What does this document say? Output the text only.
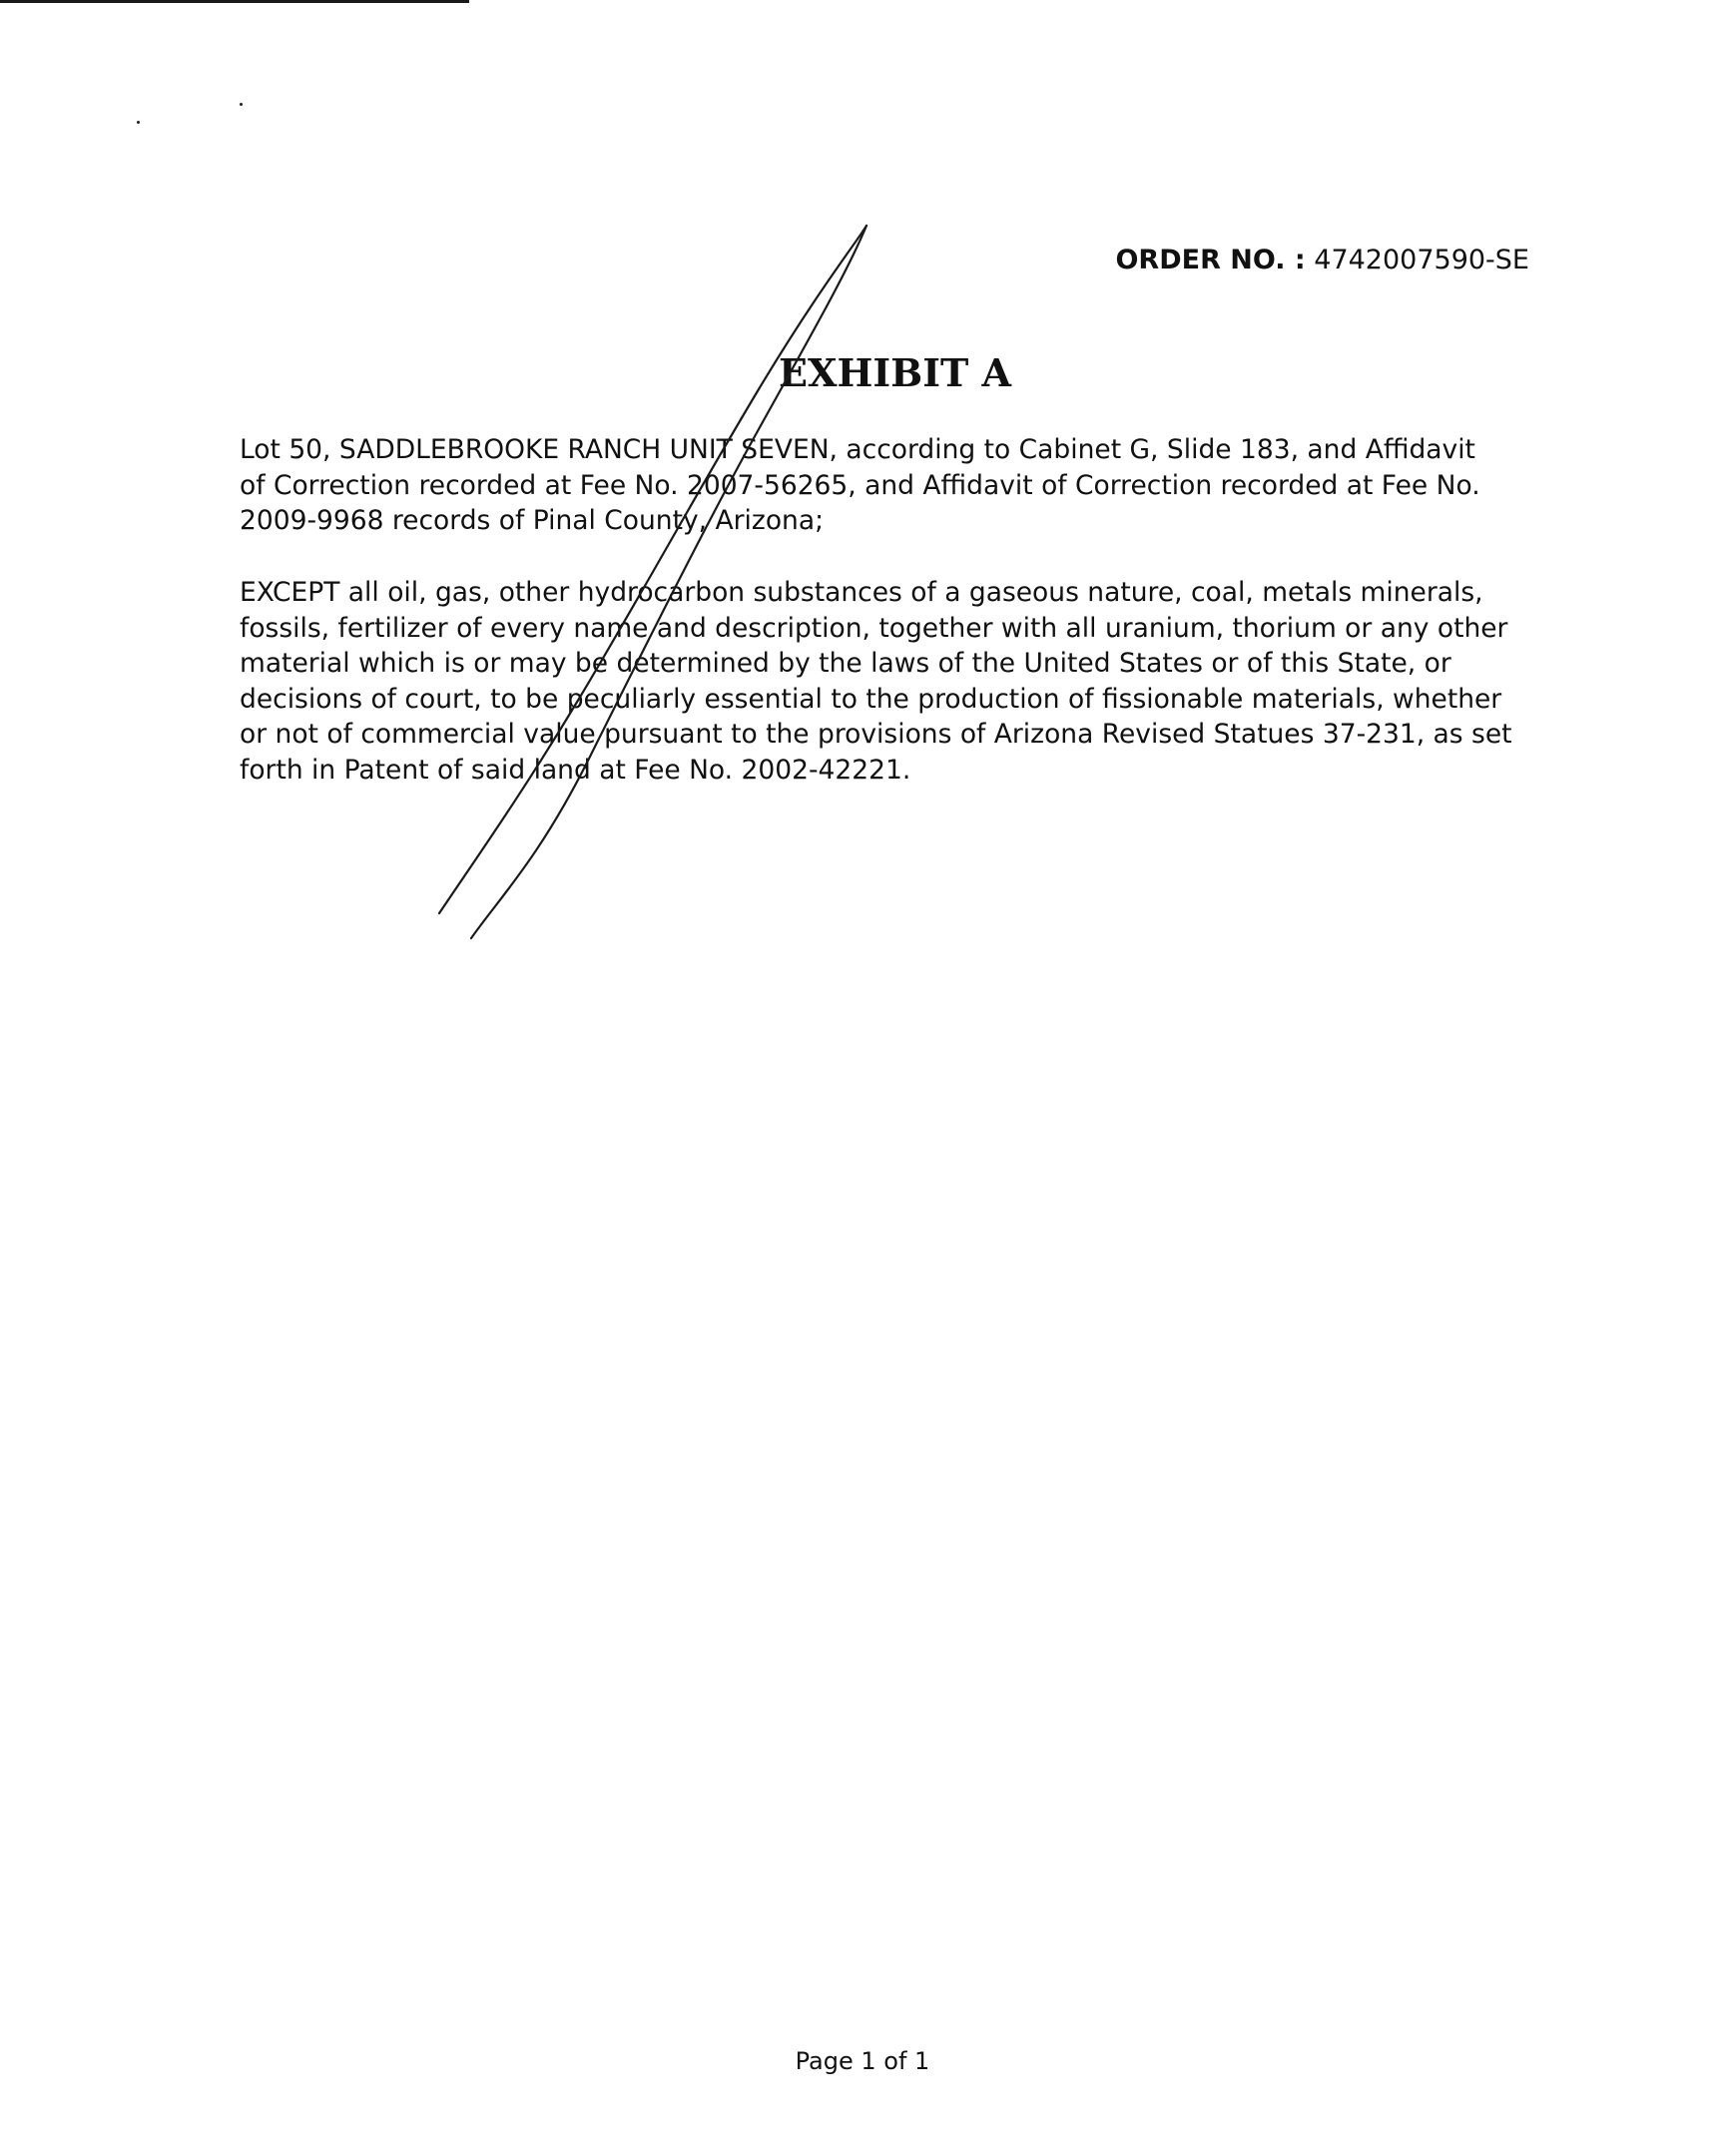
ORDER NO. : 4742007590-SE
EXHIBIT A
Lot 50, SADDLEBROOKE RANCH UNIT SEVEN, according to Cabinet G, Slide 183, and Affidavit
of Correction recorded at Fee No. 2007-56265, and Affidavit of Correction recorded at Fee No.
2009-9968 records of Pinal County, Arizona;
EXCEPT all oil, gas, other hydrocarbon substances of a gaseous nature, coal, metals minerals,
fossils, fertilizer of every name and description, together with all uranium, thorium or any other
material which is or may be determined by the laws of the United States or of this State, or
decisions of court, to be peculiarly essential to the production of fissionable materials, whether
or not of commercial value pursuant to the provisions of Arizona Revised Statues 37-231, as set
forth in Patent of said land at Fee No. 2002-42221.
Page 1 of 1
